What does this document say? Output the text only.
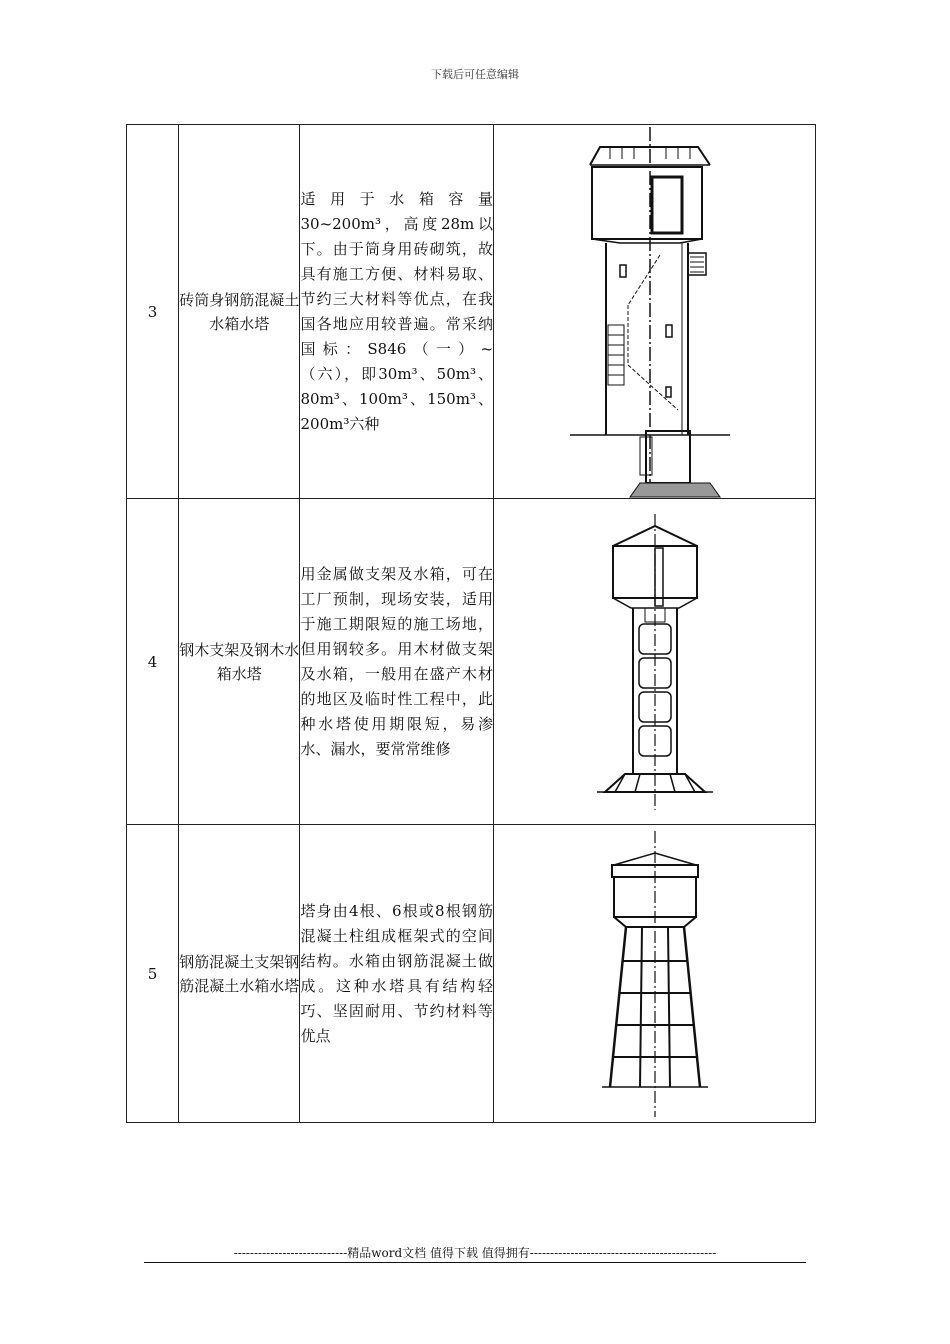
下载后可任意编辑
3	砖筒身钢筋混凝土水箱水塔	适用于水箱容量30~200m³，高度28m以下。由于筒身用砖砌筑，故具有施工方便、材料易取、节约三大材料等优点，在我国各地应用较普遍。常采纳国标：S846（一）~（六），即30m³、50m³、80m³、100m³、150m³、200m³六种	

4	钢木支架及钢木水箱水塔	用金属做支架及水箱，可在工厂预制，现场安装，适用于施工期限短的施工场地，但用钢较多。用木材做支架及水箱，一般用在盛产木材的地区及临时性工程中，此种水塔使用期限短，易渗水、漏水，要常常维修	

5	钢筋混凝土支架钢筋混凝土水箱水塔	塔身由4根、6根或8根钢筋混凝土柱组成框架式的空间结构。水箱由钢筋混凝土做成。这种水塔具有结构轻巧、坚固耐用、节约材料等优点	
----------------------------精品word文档 值得下载 值得拥有----------------------------------------------
